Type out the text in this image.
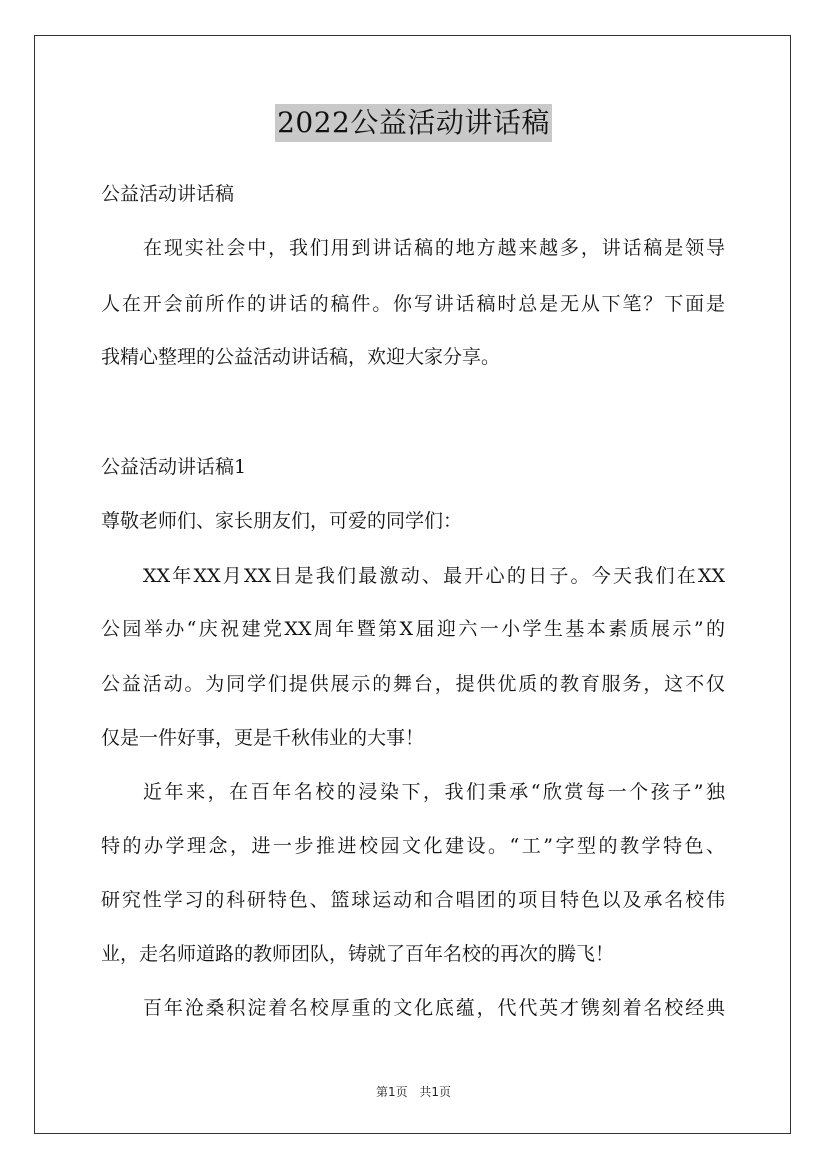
2022公益活动讲话稿

公益活动讲话稿

在现实社会中，我们用到讲话稿的地方越来越多，讲话稿是领导

人在开会前所作的讲话的稿件。你写讲话稿时总是无从下笔？下面是

我精心整理的公益活动讲话稿，欢迎大家分享。

公益活动讲话稿1

尊敬老师们、家长朋友们，可爱的同学们：

XX年XX月XX日是我们最激动、最开心的日子。今天我们在XX

公园举办“庆祝建党XX周年暨第X届迎六一小学生基本素质展示”的

公益活动。为同学们提供展示的舞台，提供优质的教育服务，这不仅

仅是一件好事，更是千秋伟业的大事！

近年来，在百年名校的浸染下，我们秉承“欣赏每一个孩子”独

特的办学理念，进一步推进校园文化建设。“工”字型的教学特色、

研究性学习的科研特色、篮球运动和合唱团的项目特色以及承名校伟

业，走名师道路的教师团队，铸就了百年名校的再次的腾飞！

百年沧桑积淀着名校厚重的文化底蕴，代代英才镌刻着名校经典

第1页 共1页
